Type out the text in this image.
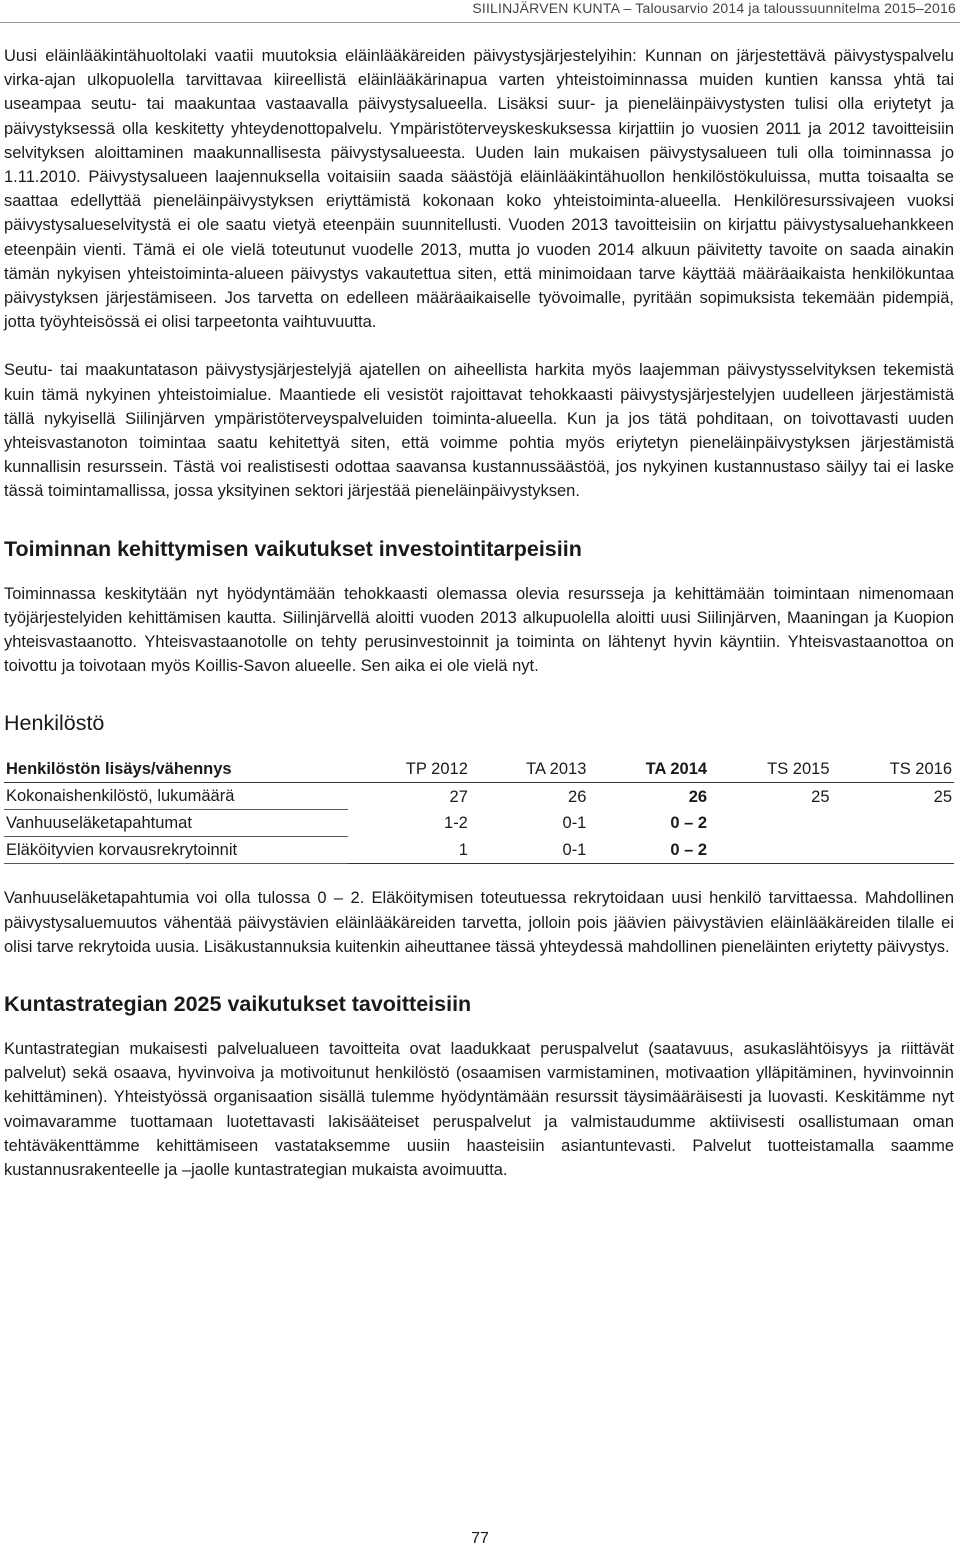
SIILINJÄRVEN KUNTA – Talousarvio 2014 ja taloussuunnitelma 2015–2016

Uusi eläinlääkintähuoltolaki vaatii muutoksia eläinlääkäreiden päivystysjärjestelyihin: Kunnan on järjestettävä päivystyspalvelu virka-ajan ulkopuolella tarvittavaa kiireellistä eläinlääkärinapua varten yhteistoiminnassa muiden kuntien kanssa yhtä tai useampaa seutu- tai maakuntaa vastaavalla päivystysalueella. Lisäksi suur- ja pieneläinpäivystysten tulisi olla eriytetyt ja päivystyksessä olla keskitetty yhteydenottopalvelu. Ympäristöterveyskeskuksessa kirjattiin jo vuosien 2011 ja 2012 tavoitteisiin selvityksen aloittaminen maakunnallisesta päivystysalueesta. Uuden lain mukaisen päivystysalueen tuli olla toiminnassa jo 1.11.2010. Päivystysalueen laajennuksella voitaisiin saada säästöjä eläinlääkintähuollon henkilöstökuluissa, mutta toisaalta se saattaa edellyttää pieneläinpäivystyksen eriyttämistä kokonaan koko yhteistoiminta-alueella. Henkilöresurssivajeen vuoksi päivystysalueselvitystä ei ole saatu vietyä eteenpäin suunnitellusti. Vuoden 2013 tavoitteisiin on kirjattu päivystysaluehankkeen eteenpäin vienti. Tämä ei ole vielä toteutunut vuodelle 2013, mutta jo vuoden 2014 alkuun päivitetty tavoite on saada ainakin tämän nykyisen yhteistoiminta-alueen päivystys vakautettua siten, että minimoidaan tarve käyttää määräaikaista henkilökuntaa päivystyksen järjestämiseen. Jos tarvetta on edelleen määräaikaiselle työvoimalle, pyritään sopimuksista tekemään pidempiä, jotta työyhteisössä ei olisi tarpeetonta vaihtuvuutta.

Seutu- tai maakuntatason päivystysjärjestelyjä ajatellen on aiheellista harkita myös laajemman päivystysselvityksen tekemistä kuin tämä nykyinen yhteistoimialue. Maantiede eli vesistöt rajoittavat tehokkaasti päivystysjärjestelyjen uudelleen järjestämistä tällä nykyisellä Siilinjärven ympäristöterveyspalveluiden toiminta-alueella. Kun ja jos tätä pohditaan, on toivottavasti uuden yhteisvastanoton toimintaa saatu kehitettyä siten, että voimme pohtia myös eriytetyn pieneläinpäivystyksen järjestämistä kunnallisin resurssein. Tästä voi realistisesti odottaa saavansa kustannussäästöä, jos nykyinen kustannustaso säilyy tai ei laske tässä toimintamallissa, jossa yksityinen sektori järjestää pieneläinpäivystyksen.

Toiminnan kehittymisen vaikutukset investointitarpeisiin

Toiminnassa keskitytään nyt hyödyntämään tehokkaasti olemassa olevia resursseja ja kehittämään toimintaan nimenomaan työjärjestelyiden kehittämisen kautta. Siilinjärvellä aloitti vuoden 2013 alkupuolella aloitti uusi Siilinjärven, Maaningan ja Kuopion yhteisvastaanotto. Yhteisvastaanotolle on tehty perusinvestoinnit ja toiminta on lähtenyt hyvin käyntiin. Yhteisvastaanottoa on toivottu ja toivotaan myös Koillis-Savon alueelle. Sen aika ei ole vielä nyt.

Henkilöstö
Henkilöstön lisäys/vähennys	TP 2012	TA 2013	TA 2014	TS 2015	TS 2016
Kokonaishenkilöstö, lukumäärä	27	26	26	25	25
Vanhuuseläketapahtumat	1-2	0-1	0 – 2		
Eläköityvien korvausrekrytoinnit	1	0-1	0 – 2		

Vanhuuseläketapahtumia voi olla tulossa 0 – 2. Eläköitymisen toteutuessa rekrytoidaan uusi henkilö tarvittaessa. Mahdollinen päivystysaluemuutos vähentää päivystävien eläinlääkäreiden tarvetta, jolloin pois jäävien päivystävien eläinlääkäreiden tilalle ei olisi tarve rekrytoida uusia. Lisäkustannuksia kuitenkin aiheuttanee tässä yhteydessä mahdollinen pieneläinten eriytetty päivystys.

Kuntastrategian 2025 vaikutukset tavoitteisiin

Kuntastrategian mukaisesti palvelualueen tavoitteita ovat laadukkaat peruspalvelut (saatavuus, asukaslähtöisyys ja riittävät palvelut) sekä osaava, hyvinvoiva ja motivoitunut henkilöstö (osaamisen varmistaminen, motivaation ylläpitäminen, hyvinvoinnin kehittäminen). Yhteistyössä organisaation sisällä tulemme hyödyntämään resurssit täysimääräisesti ja luovasti. Keskitämme nyt voimavaramme tuottamaan luotettavasti lakisääteiset peruspalvelut ja valmistaudumme aktiivisesti osallistumaan oman tehtäväkenttämme kehittämiseen vastataksemme uusiin haasteisiin asiantuntevasti. Palvelut tuotteistamalla saamme kustannusrakenteelle ja –jaolle kuntastrategian mukaista avoimuutta.

77
